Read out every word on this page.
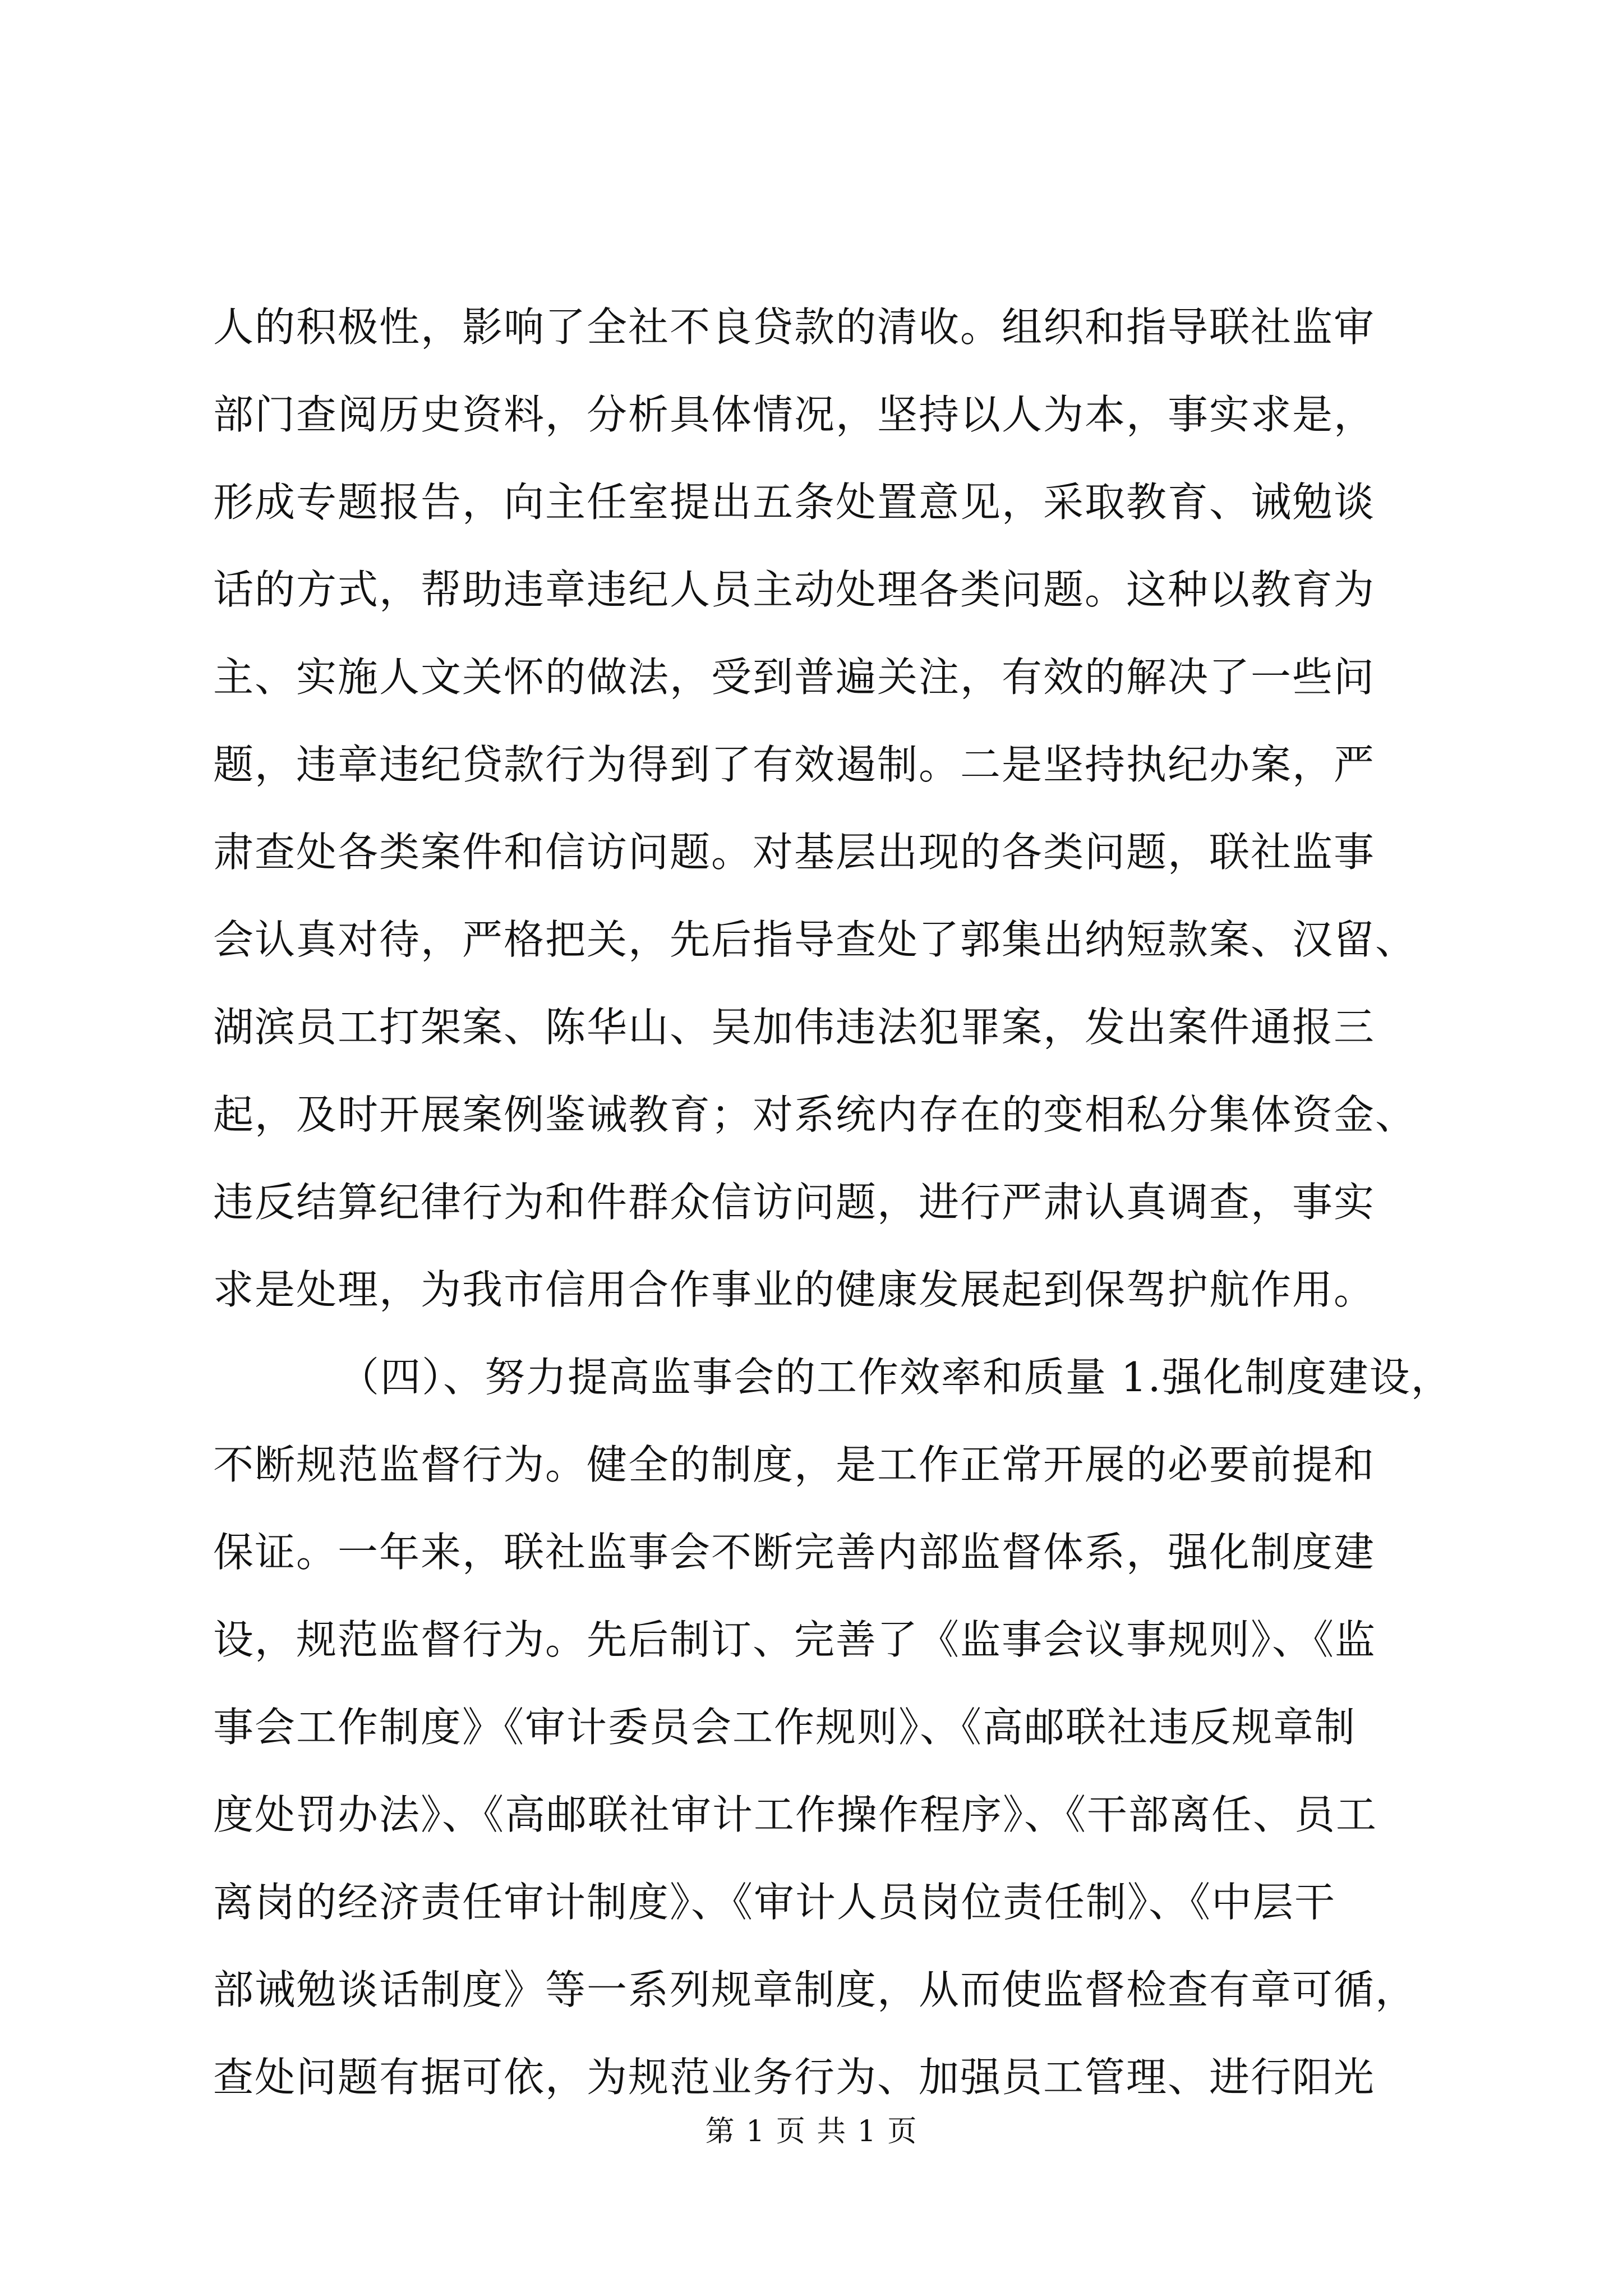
人的积极性，影响了全社不良贷款的清收。组织和指导联社监审
部门查阅历史资料，分析具体情况，坚持以人为本，事实求是，
形成专题报告，向主任室提出五条处置意见，采取教育、诫勉谈
话的方式，帮助违章违纪人员主动处理各类问题。这种以教育为
主、实施人文关怀的做法，受到普遍关注，有效的解决了一些问
题，违章违纪贷款行为得到了有效遏制。二是坚持执纪办案，严
肃查处各类案件和信访问题。对基层出现的各类问题，联社监事
会认真对待，严格把关，先后指导查处了郭集出纳短款案、汉留、
湖滨员工打架案、陈华山、吴加伟违法犯罪案，发出案件通报三
起，及时开展案例鉴诫教育；对系统内存在的变相私分集体资金、
违反结算纪律行为和件群众信访问题，进行严肃认真调查，事实
求是处理，为我市信用合作事业的健康发展起到保驾护航作用。
（四）、努力提高监事会的工作效率和质量 1.强化制度建设，
不断规范监督行为。健全的制度，是工作正常开展的必要前提和
保证。一年来，联社监事会不断完善内部监督体系，强化制度建
设，规范监督行为。先后制订、完善了《监事会议事规则》、《监
事会工作制度》《审计委员会工作规则》、《高邮联社违反规章制
度处罚办法》、《高邮联社审计工作操作程序》、《干部离任、员工
离岗的经济责任审计制度》、《审计人员岗位责任制》、《中层干
部诫勉谈话制度》等一系列规章制度，从而使监督检查有章可循，
查处问题有据可依，为规范业务行为、加强员工管理、进行阳光
第 1 页 共 1 页
